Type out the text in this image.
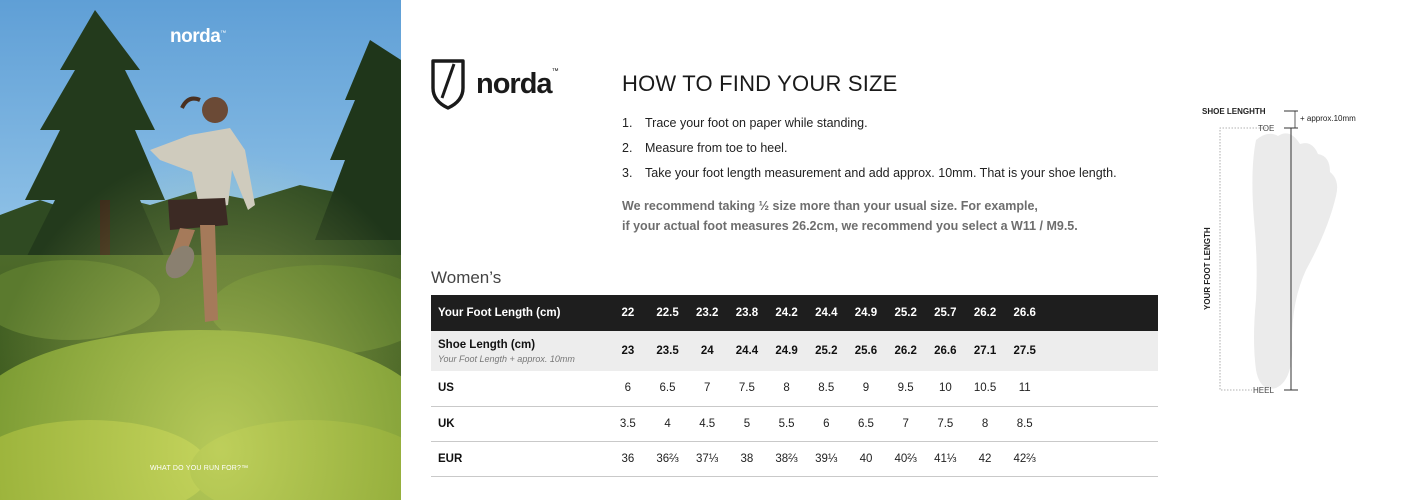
norda™
WHAT DO YOU RUN FOR?™
norda™	HOW TO FIND YOUR SIZE
1.	Trace your foot on paper while standing.
2.	Measure from toe to heel.
3.	Take your foot length measurement and add approx. 10mm. That is your shoe length.
We recommend taking ½ size more than your usual size. For example,
if your actual foot measures 26.2cm, we recommend you select a W11 / M9.5.
Women’s
Your Foot Length (cm)	22	22.5	23.2	23.8	24.2	24.4	24.9	25.2	25.7	26.2	26.6	
Shoe Length (cm)
Your Foot Length + approx. 10mm	23	23.5	24	24.4	24.9	25.2	25.6	26.2	26.6	27.1	27.5	
US	6	6.5	7	7.5	8	8.5	9	9.5	10	10.5	11	
UK	3.5	4	4.5	5	5.5	6	6.5	7	7.5	8	8.5	
EUR	36	36⅔	37⅓	38	38⅔	39⅓	40	40⅔	41⅓	42	42⅔	
SHOE LENGHTH
+ approx.10mm
TOE
HEEL
YOUR FOOT LENGTH
